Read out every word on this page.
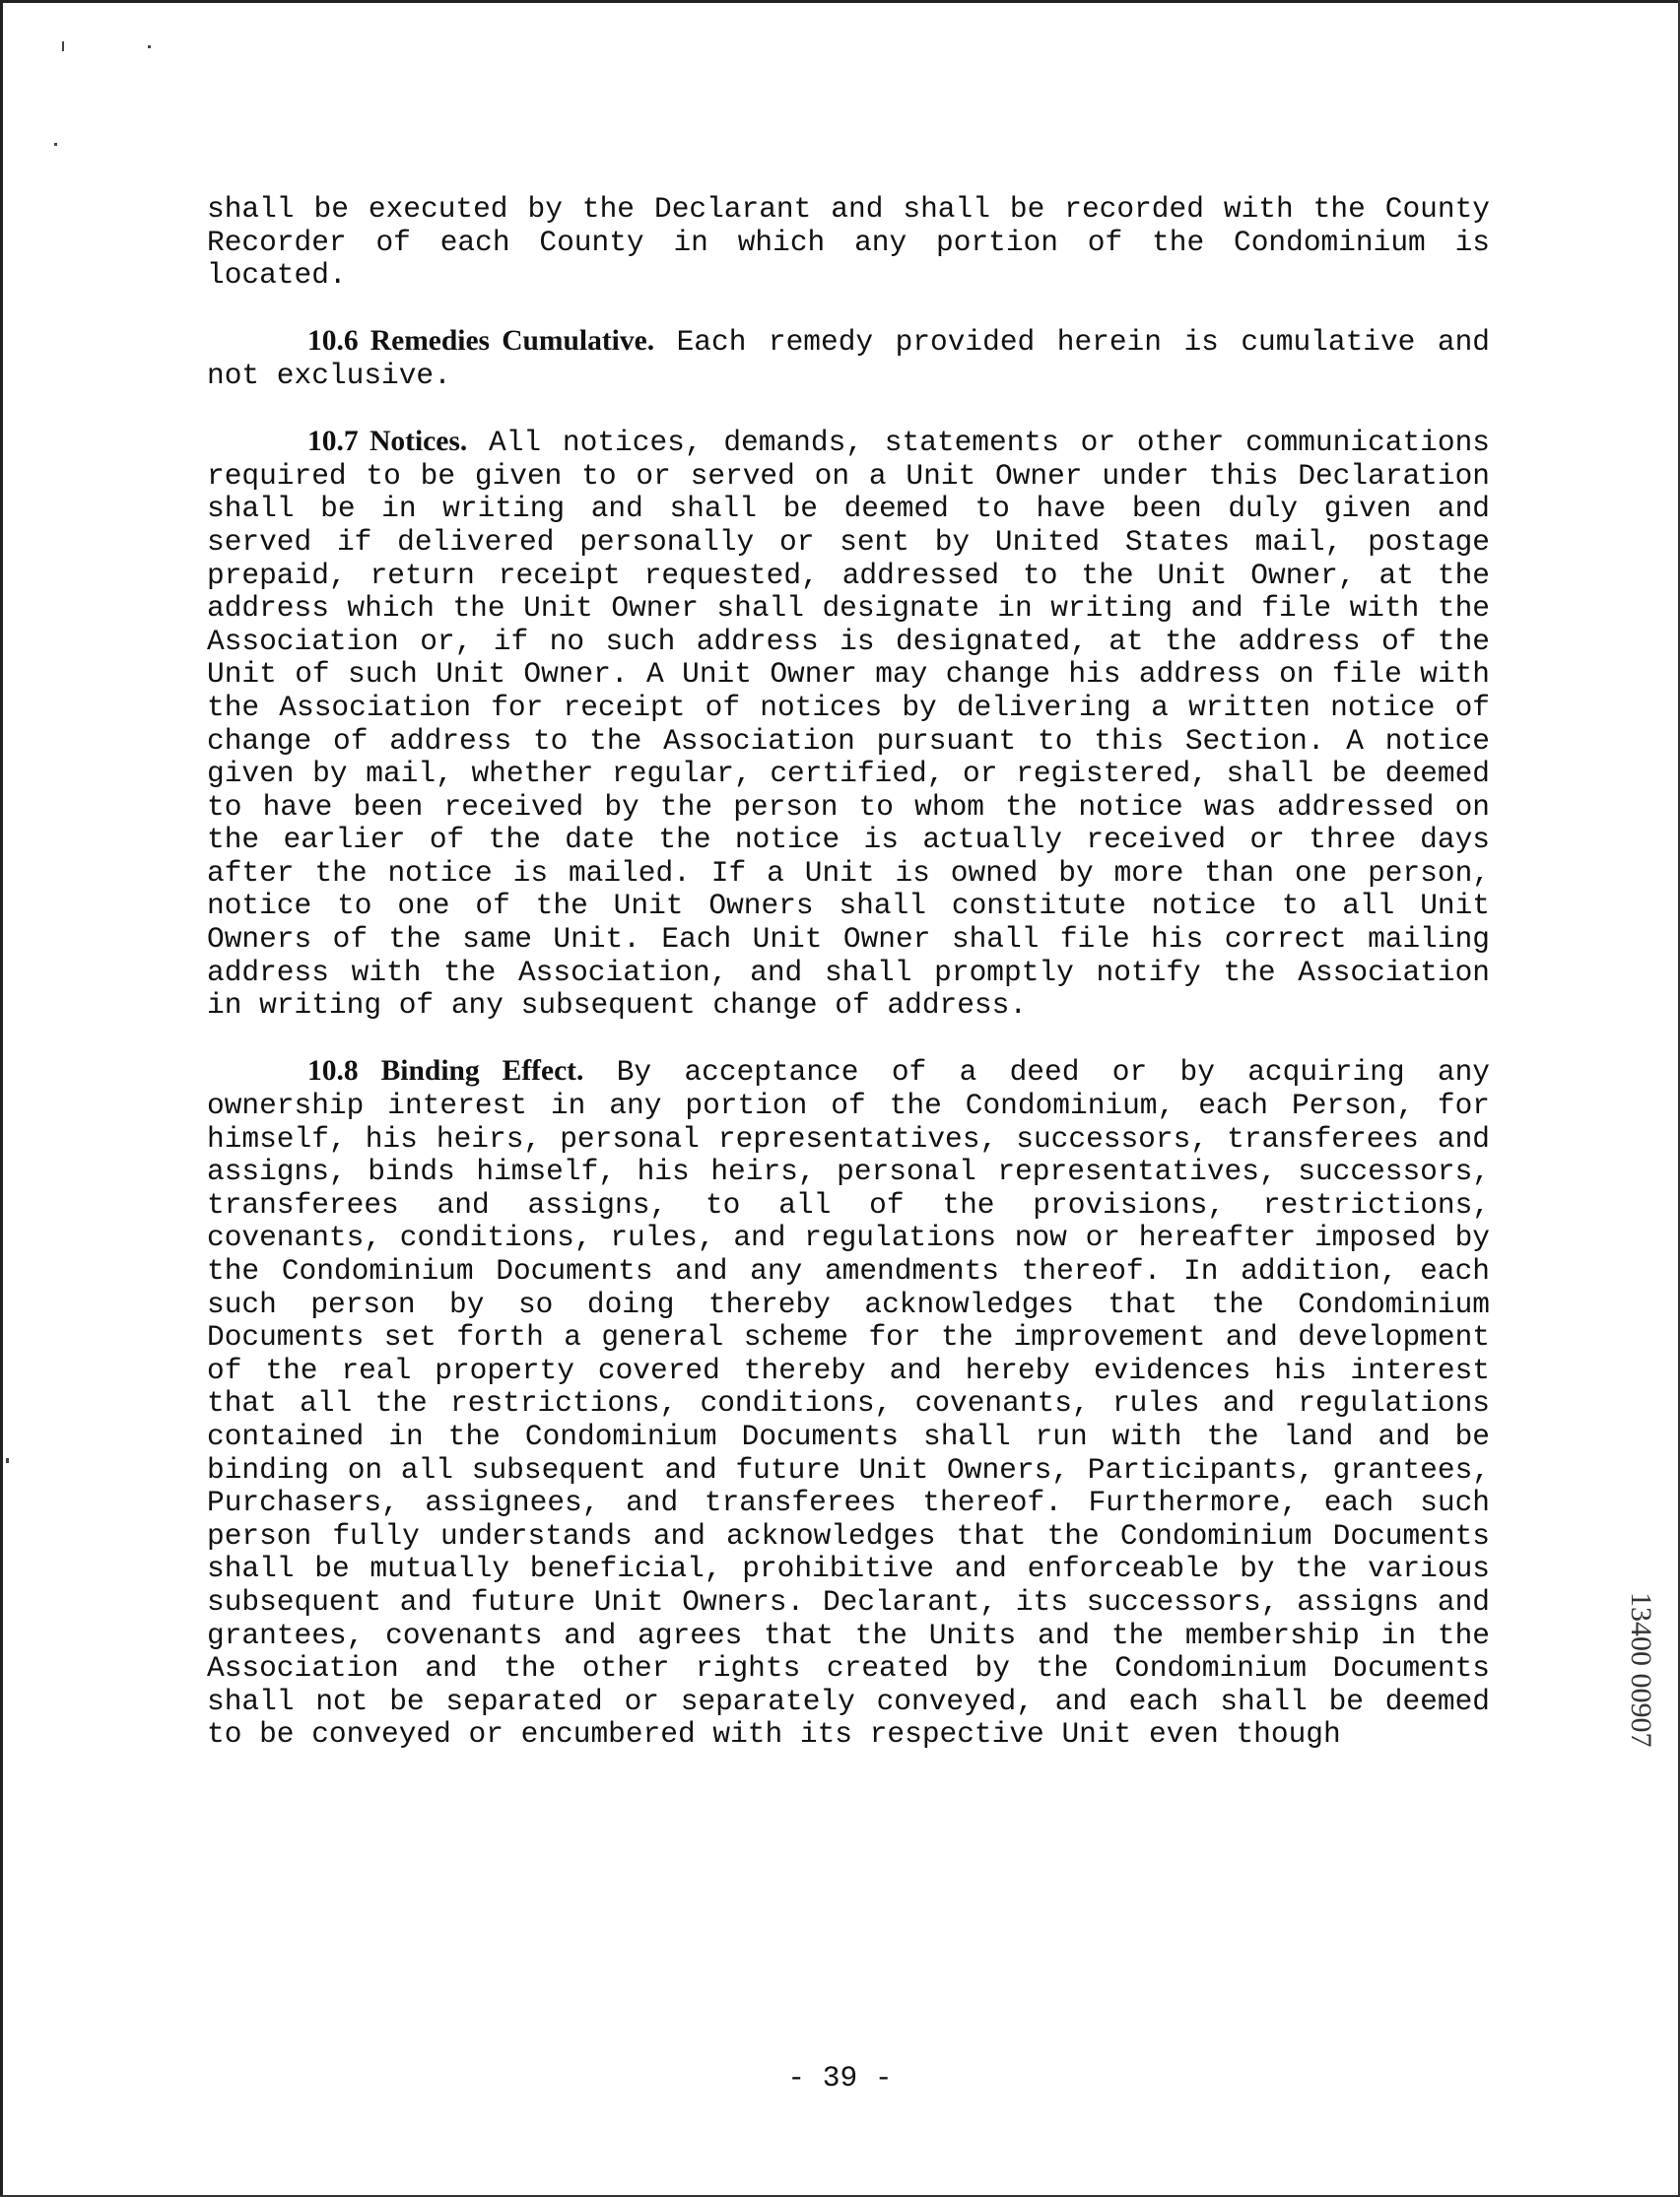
shall be executed by the Declarant and shall be recorded with the County Recorder of each County in which any portion of the Condominium is located.

10.6 Remedies Cumulative. Each remedy provided herein is cumulative and not exclusive.

10.7 Notices. All notices, demands, statements or other communications required to be given to or served on a Unit Owner under this Declaration shall be in writing and shall be deemed to have been duly given and served if delivered personally or sent by United States mail, postage prepaid, return receipt requested, addressed to the Unit Owner, at the address which the Unit Owner shall designate in writing and file with the Association or, if no such address is designated, at the address of the Unit of such Unit Owner. A Unit Owner may change his address on file with the Association for receipt of notices by delivering a written notice of change of address to the Association pursuant to this Section. A notice given by mail, whether regular, certified, or registered, shall be deemed to have been received by the person to whom the notice was addressed on the earlier of the date the notice is actually received or three days after the notice is mailed. If a Unit is owned by more than one person, notice to one of the Unit Owners shall constitute notice to all Unit Owners of the same Unit. Each Unit Owner shall file his correct mailing address with the Association, and shall promptly notify the Association in writing of any subsequent change of address.

10.8 Binding Effect. By acceptance of a deed or by acquiring any ownership interest in any portion of the Condominium, each Person, for himself, his heirs, personal representatives, successors, transferees and assigns, binds himself, his heirs, personal representatives, successors, transferees and assigns, to all of the provisions, restrictions, covenants, conditions, rules, and regulations now or hereafter imposed by the Condominium Documents and any amendments thereof. In addition, each such person by so doing thereby acknowledges that the Condominium Documents set forth a general scheme for the improvement and development of the real property covered thereby and hereby evidences his interest that all the restrictions, conditions, covenants, rules and regulations contained in the Condominium Documents shall run with the land and be binding on all subsequent and future Unit Owners, Participants, grantees, Purchasers, assignees, and transferees thereof. Furthermore, each such person fully understands and acknowledges that the Condominium Documents shall be mutually beneficial, prohibitive and enforceable by the various subsequent and future Unit Owners. Declarant, its successors, assigns and grantees, covenants and agrees that the Units and the membership in the Association and the other rights created by the Condominium Documents shall not be separated or separately conveyed, and each shall be deemed to be conveyed or encumbered with its respective Unit even though	13400 00907
- 39 -
